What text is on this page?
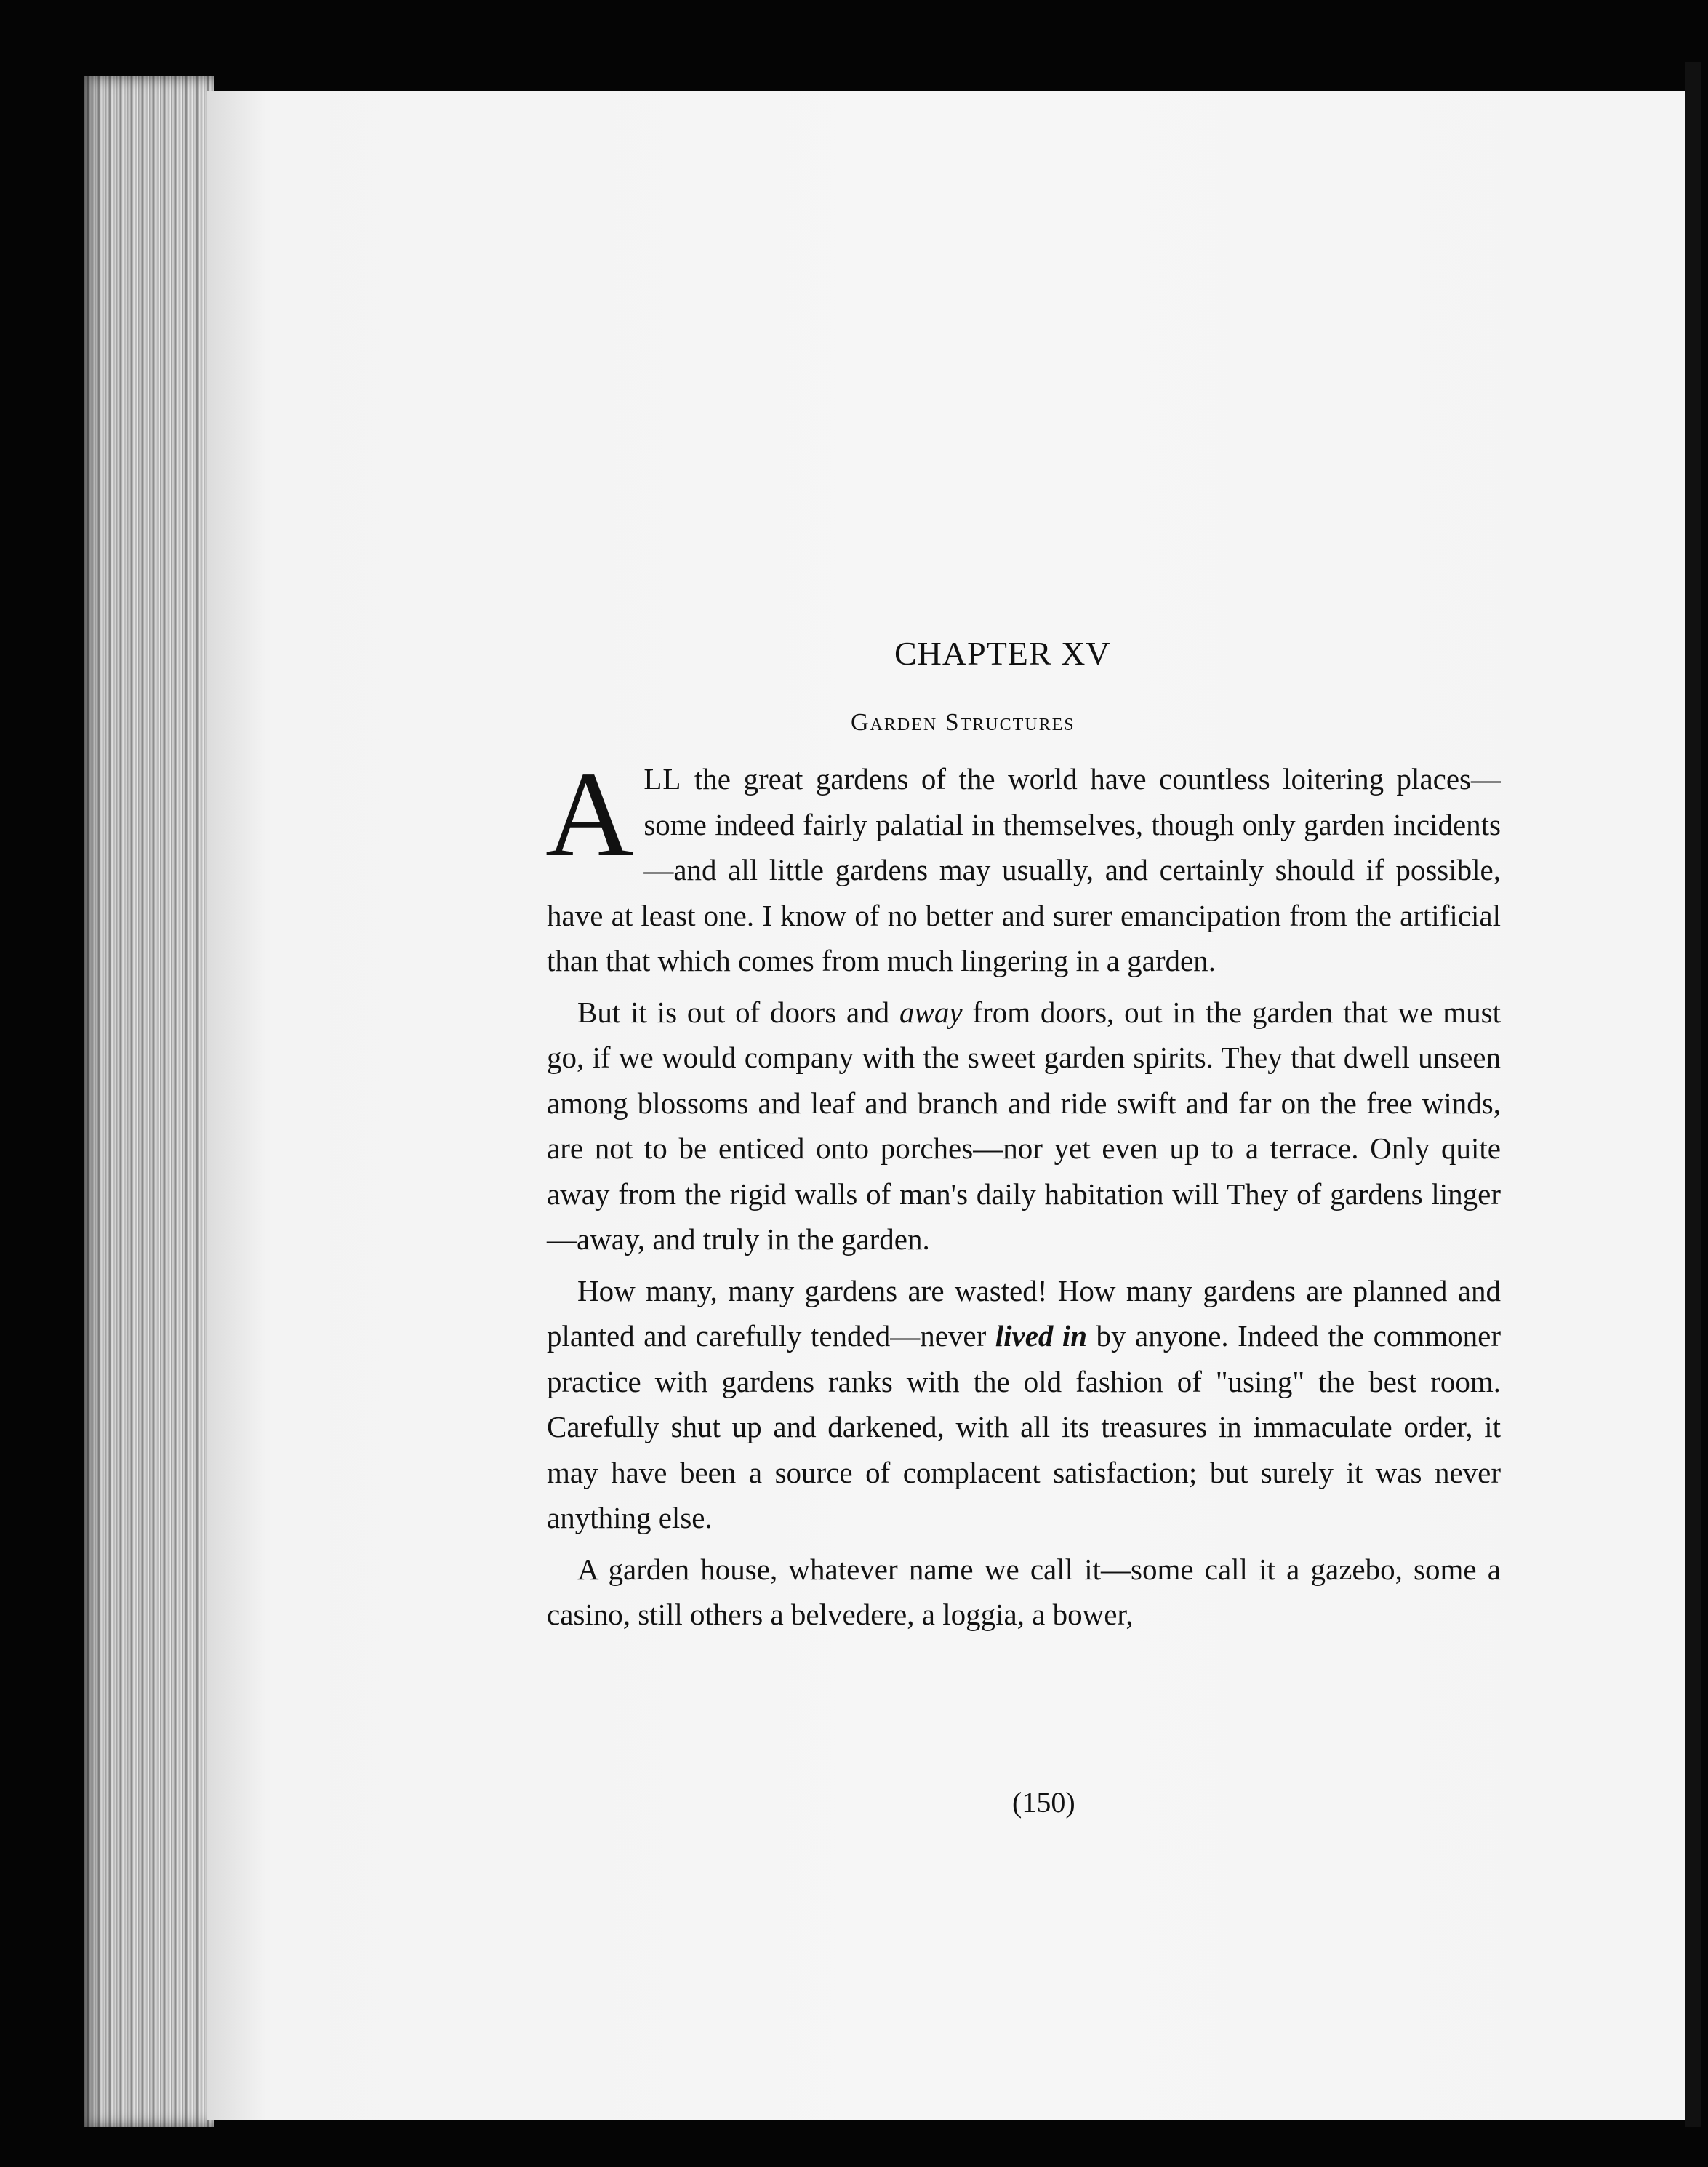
CHAPTER XV
Garden Structures

A LL the great gardens of the world have countless loitering places—some indeed fairly palatial in themselves, though only garden incidents—and all little gardens may usually, and certainly should if possible, have at least one. I know of no better and surer emancipation from the artificial than that which comes from much lingering in a garden.

But it is out of doors and away from doors, out in the garden that we must go, if we would company with the sweet garden spirits. They that dwell unseen among blossoms and leaf and branch and ride swift and far on the free winds, are not to be enticed onto porches—nor yet even up to a terrace. Only quite away from the rigid walls of man's daily habitation will They of gardens linger—away, and truly in the garden.

How many, many gardens are wasted! How many gardens are planned and planted and carefully tended—never lived in by anyone. Indeed the commoner practice with gardens ranks with the old fashion of "using" the best room. Carefully shut up and darkened, with all its treasures in immaculate order, it may have been a source of complacent satisfaction; but surely it was never anything else.

A garden house, whatever name we call it—some call it a gazebo, some a casino, still others a belvedere, a loggia, a bower,

(150)
